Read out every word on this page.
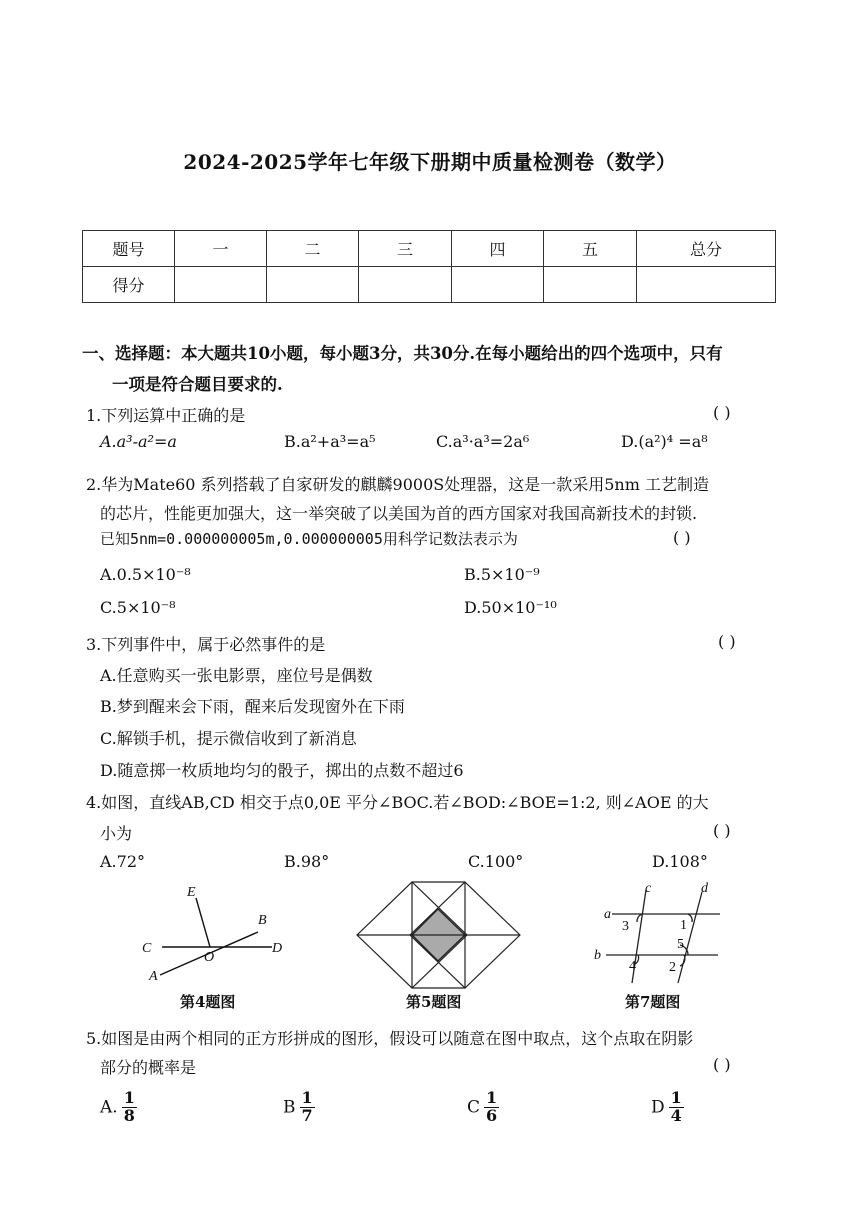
2024-2025学年七年级下册期中质量检测卷（数学）
题号	一	二	三	四	五	总分
得分						
一、选择题：本大题共10小题，每小题3分，共30分.在每小题给出的四个选项中，只有
一项是符合题目要求的.
1.下列运算中正确的是	( )
A.a³-a²=a	B.a²+a³=a⁵	C.a³·a³=2a⁶	D.(a²)⁴ =a⁸
2.华为Mate60 系列搭载了自家研发的麒麟9000S处理器，这是一款采用5nm 工艺制造
的芯片，性能更加强大，这一举突破了以美国为首的西方国家对我国高新技术的封锁.
已知5nm=0.000000005m,0.000000005用科学记数法表示为	( )
A.0.5×10⁻⁸	B.5×10⁻⁹
C.5×10⁻⁸	D.50×10⁻¹⁰
3.下列事件中，属于必然事件的是	( )
A.任意购买一张电影票，座位号是偶数
B.梦到醒来会下雨，醒来后发现窗外在下雨
C.解锁手机，提示微信收到了新消息
D.随意掷一枚质地均匀的骰子，掷出的点数不超过6
4.如图，直线AB,CD 相交于点0,0E 平分∠BOC.若∠BOD:∠BOE=1:2, 则∠AOE 的大
小为	( )
A.72°	B.98°	C.100°	D.108°
E
B
C
O
D
A
第4题图	第5题图
c	d
a
b
3	1
5
4 2
第7题图
5.如图是由两个相同的正方形拼成的图形，假设可以随意在图中取点，这个点取在阴影
部分的概率是	( )
A. $\frac{1}{8}$	B $\frac{1}{7}$	C $\frac{1}{6}$	D $\frac{1}{4}$
